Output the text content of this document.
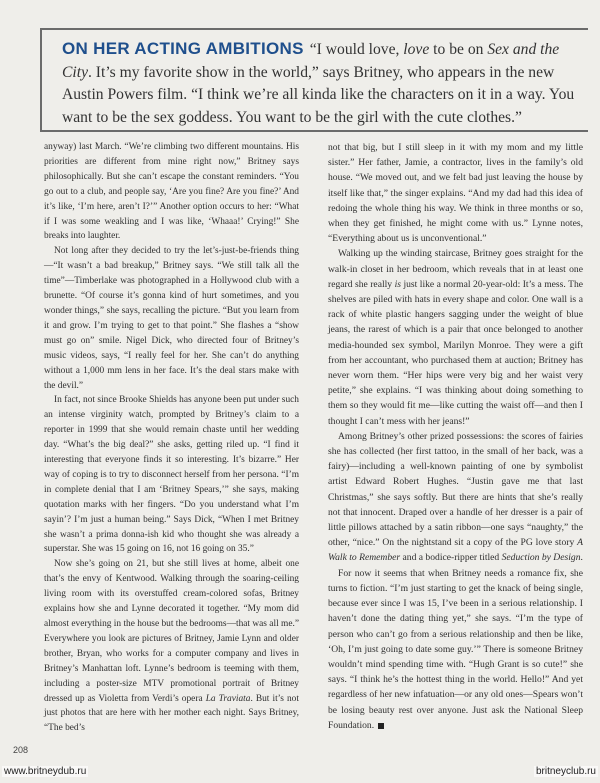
ON HER ACTING AMBITIONS “I would love, love to be on Sex and the City. It’s my favorite show in the world,” says Britney, who appears in the new Austin Powers film. “I think we’re all kinda like the characters on it in a way. You want to be the sex goddess. You want to be the girl with the cute clothes.”

anyway) last March. “We’re climbing two different mountains. His priorities are different from mine right now,” Britney says philosophically. But she can’t escape the constant reminders. “You go out to a club, and people say, ‘Are you fine? Are you fine?’ And it’s like, ‘I’m here, aren’t I?’” Another option occurs to her: “What if I was some weakling and I was like, ‘Whaaa!’ Crying!” She breaks into laughter.

Not long after they decided to try the let’s-just-be-friends thing—“It wasn’t a bad breakup,” Britney says. “We still talk all the time”—Timberlake was photographed in a Hollywood club with a brunette. “Of course it’s gonna kind of hurt sometimes, and you wonder things,” she says, recalling the picture. “But you learn from it and grow. I’m trying to get to that point.” She flashes a “show must go on” smile. Nigel Dick, who directed four of Britney’s music videos, says, “I really feel for her. She can’t do anything without a 1,000 mm lens in her face. It’s the deal stars make with the devil.”

In fact, not since Brooke Shields has anyone been put under such an intense virginity watch, prompted by Britney’s claim to a reporter in 1999 that she would remain chaste until her wedding day. “What’s the big deal?” she asks, getting riled up. “I find it interesting that everyone finds it so interesting. It’s bizarre.” Her way of coping is to try to disconnect herself from her persona. “I’m in complete denial that I am ‘Britney Spears,’” she says, making quotation marks with her fingers. “Do you understand what I’m sayin’? I’m just a human being.” Says Dick, “When I met Britney she wasn’t a prima donna-ish kid who thought she was already a superstar. She was 15 going on 16, not 16 going on 35.”

Now she’s going on 21, but she still lives at home, albeit one that’s the envy of Kentwood. Walking through the soaring-ceiling living room with its overstuffed cream-colored sofas, Britney explains how she and Lynne decorated it together. “My mom did almost everything in the house but the bedrooms—that was all me.” Everywhere you look are pictures of Britney, Jamie Lynn and older brother, Bryan, who works for a computer company and lives in Britney’s Manhattan loft. Lynne’s bedroom is teeming with them, including a poster-size MTV promotional portrait of Britney dressed up as Violetta from Verdi’s opera La Traviata. But it’s not just photos that are here with her mother each night. Says Britney, “The bed’s

not that big, but I still sleep in it with my mom and my little sister.” Her father, Jamie, a contractor, lives in the family’s old house. “We moved out, and we felt bad just leaving the house by itself like that,” the singer explains. “And my dad had this idea of redoing the whole thing his way. We think in three months or so, when they get finished, he might come with us.” Lynne notes, “Everything about us is unconventional.”

Walking up the winding staircase, Britney goes straight for the walk-in closet in her bedroom, which reveals that in at least one regard she really is just like a normal 20-year-old: It’s a mess. The shelves are piled with hats in every shape and color. One wall is a rack of white plastic hangers sagging under the weight of blue jeans, the rarest of which is a pair that once belonged to another media-hounded sex symbol, Marilyn Monroe. They were a gift from her accountant, who purchased them at auction; Britney has never worn them. “Her hips were very big and her waist very petite,” she explains. “I was thinking about doing something to them so they would fit me—like cutting the waist off—and then I thought I can’t mess with her jeans!”

Among Britney’s other prized possessions: the scores of fairies she has collected (her first tattoo, in the small of her back, was a fairy)—including a well-known painting of one by symbolist artist Edward Robert Hughes. “Justin gave me that last Christmas,” she says softly. But there are hints that she’s really not that innocent. Draped over a handle of her dresser is a pair of little pillows attached by a satin ribbon—one says “naughty,” the other, “nice.” On the nightstand sit a copy of the PG love story A Walk to Remember and a bodice-ripper titled Seduction by Design.

For now it seems that when Britney needs a romance fix, she turns to fiction. “I’m just starting to get the knack of being single, because ever since I was 15, I’ve been in a serious relationship. I haven’t done the dating thing yet,” she says. “I’m the type of person who can’t go from a serious relationship and then be like, ‘Oh, I’m just going to date some guy.’” There is someone Britney wouldn’t mind spending time with. “Hugh Grant is so cute!” she says. “I think he’s the hottest thing in the world. Hello!” And yet regardless of her new infatuation—or any old ones—Spears won’t be losing beauty rest over anyone. Just ask the National Sleep Foundation.

208
www.britneydub.ru	britneyclub.ru
